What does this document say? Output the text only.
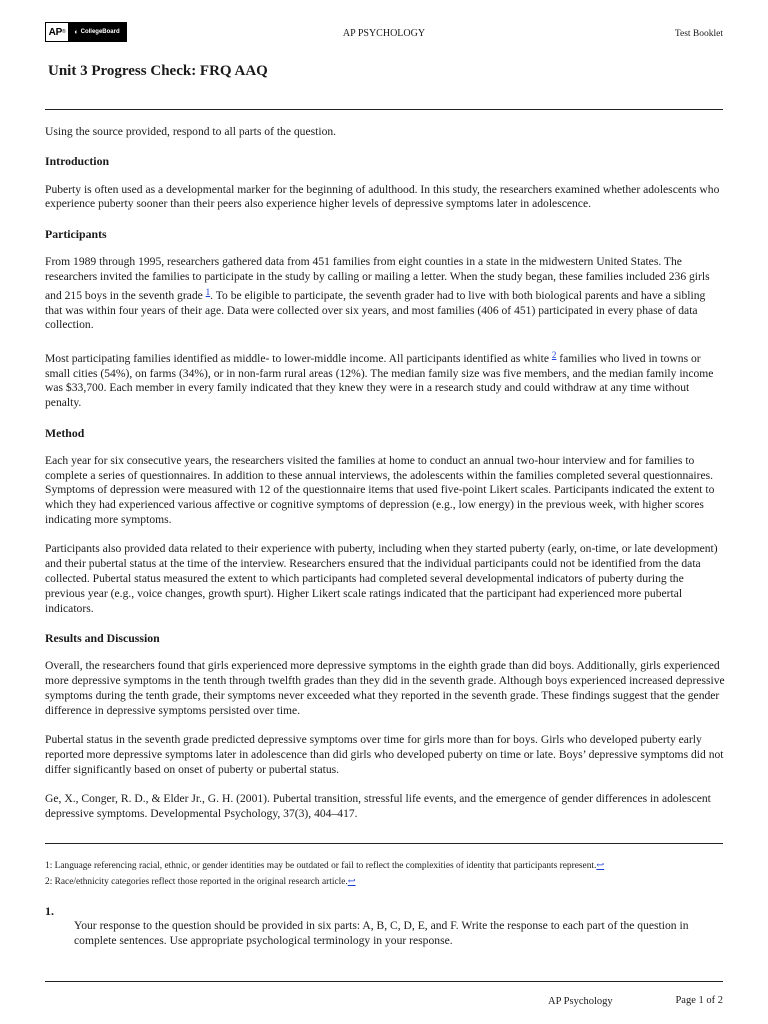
AP ® ◐ CollegeBoard	AP PSYCHOLOGY	Test Booklet
Unit 3 Progress Check: FRQ AAQ

Using the source provided, respond to all parts of the question.

Introduction

Puberty is often used as a developmental marker for the beginning of adulthood. In this study, the researchers examined whether adolescents who experience puberty sooner than their peers also experience higher levels of depressive symptoms later in adolescence.

Participants

From 1989 through 1995, researchers gathered data from 451 families from eight counties in a state in the midwestern United States. The researchers invited the families to participate in the study by calling or mailing a letter. When the study began, these families included 236 girls and 215 boys in the seventh grade $^1$. To be eligible to participate, the seventh grader had to live with both biological parents and have a sibling that was within four years of their age. Data were collected over six years, and most families (406 of 451) participated in every phase of data collection.

Most participating families identified as middle- to lower-middle income. All participants identified as white $^2$ families who lived in towns or small cities (54%), on farms (34%), or in non-farm rural areas (12%). The median family size was five members, and the median family income was $33,700. Each member in every family indicated that they knew they were in a research study and could withdraw at any time without penalty.

Method

Each year for six consecutive years, the researchers visited the families at home to conduct an annual two-hour interview and for families to complete a series of questionnaires. In addition to these annual interviews, the adolescents within the families completed several questionnaires. Symptoms of depression were measured with 12 of the questionnaire items that used five-point Likert scales. Participants indicated the extent to which they had experienced various affective or cognitive symptoms of depression (e.g., low energy) in the previous week, with higher scores indicating more symptoms.

Participants also provided data related to their experience with puberty, including when they started puberty (early, on-time, or late development) and their pubertal status at the time of the interview. Researchers ensured that the individual participants could not be identified from the data collected. Pubertal status measured the extent to which participants had completed several developmental indicators of puberty during the previous year (e.g., voice changes, growth spurt). Higher Likert scale ratings indicated that the participant had experienced more pubertal indicators.

Results and Discussion

Overall, the researchers found that girls experienced more depressive symptoms in the eighth grade than did boys. Additionally, girls experienced more depressive symptoms in the tenth through twelfth grades than they did in the seventh grade. Although boys experienced increased depressive symptoms during the tenth grade, their symptoms never exceeded what they reported in the seventh grade. These findings suggest that the gender difference in depressive symptoms persisted over time.

Pubertal status in the seventh grade predicted depressive symptoms over time for girls more than for boys. Girls who developed puberty early reported more depressive symptoms later in adolescence than did girls who developed puberty on time or late. Boys’ depressive symptoms did not differ significantly based on onset of puberty or pubertal status.

Ge, X., Conger, R. D., & Elder Jr., G. H. (2001). Pubertal transition, stressful life events, and the emergence of gender differences in adolescent depressive symptoms. Developmental Psychology, 37(3), 404–417.

1: Language referencing racial, ethnic, or gender identities may be outdated or fail to reflect the complexities of identity that participants represent.↩
2: Race/ethnicity categories reflect those reported in the original research article.↩
1.

Your response to the question should be provided in six parts: A, B, C, D, E, and F. Write the response to each part of the question in complete sentences. Use appropriate psychological terminology in your response.

AP Psychology	Page 1 of 2
